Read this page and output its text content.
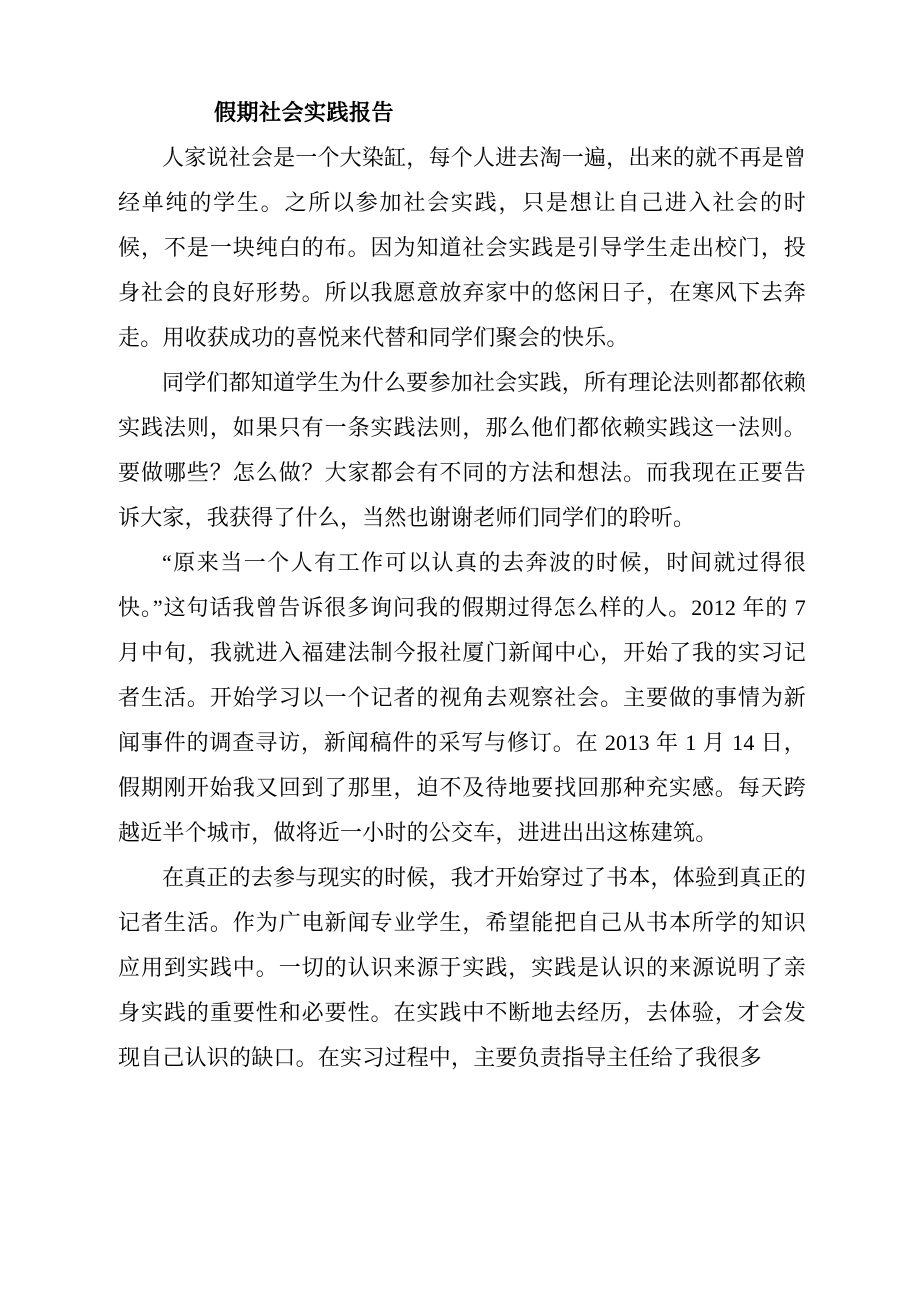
假期社会实践报告

人家说社会是一个大染缸，每个人进去淘一遍，出来的就不再是曾经单纯的学生。之所以参加社会实践，只是想让自己进入社会的时候，不是一块纯白的布。因为知道社会实践是引导学生走出校门，投身社会的良好形势。所以我愿意放弃家中的悠闲日子，在寒风下去奔走。用收获成功的喜悦来代替和同学们聚会的快乐。

同学们都知道学生为什么要参加社会实践，所有理论法则都都依赖实践法则，如果只有一条实践法则，那么他们都依赖实践这一法则。要做哪些？怎么做？大家都会有不同的方法和想法。而我现在正要告诉大家，我获得了什么，当然也谢谢老师们同学们的聆听。

“原来当一个人有工作可以认真的去奔波的时候，时间就过得很快。”这句话我曾告诉很多询问我的假期过得怎么样的人。2012 年的 7 月中旬，我就进入福建法制今报社厦门新闻中心，开始了我的实习记者生活。开始学习以一个记者的视角去观察社会。主要做的事情为新闻事件的调查寻访，新闻稿件的采写与修订。在 2013 年 1 月 14 日，假期刚开始我又回到了那里，迫不及待地要找回那种充实感。每天跨越近半个城市，做将近一小时的公交车，进进出出这栋建筑。

在真正的去参与现实的时候，我才开始穿过了书本，体验到真正的记者生活。作为广电新闻专业学生，希望能把自己从书本所学的知识应用到实践中。一切的认识来源于实践，实践是认识的来源说明了亲身实践的重要性和必要性。在实践中不断地去经历，去体验，才会发现自己认识的缺口。在实习过程中，主要负责指导主任给了我很多
